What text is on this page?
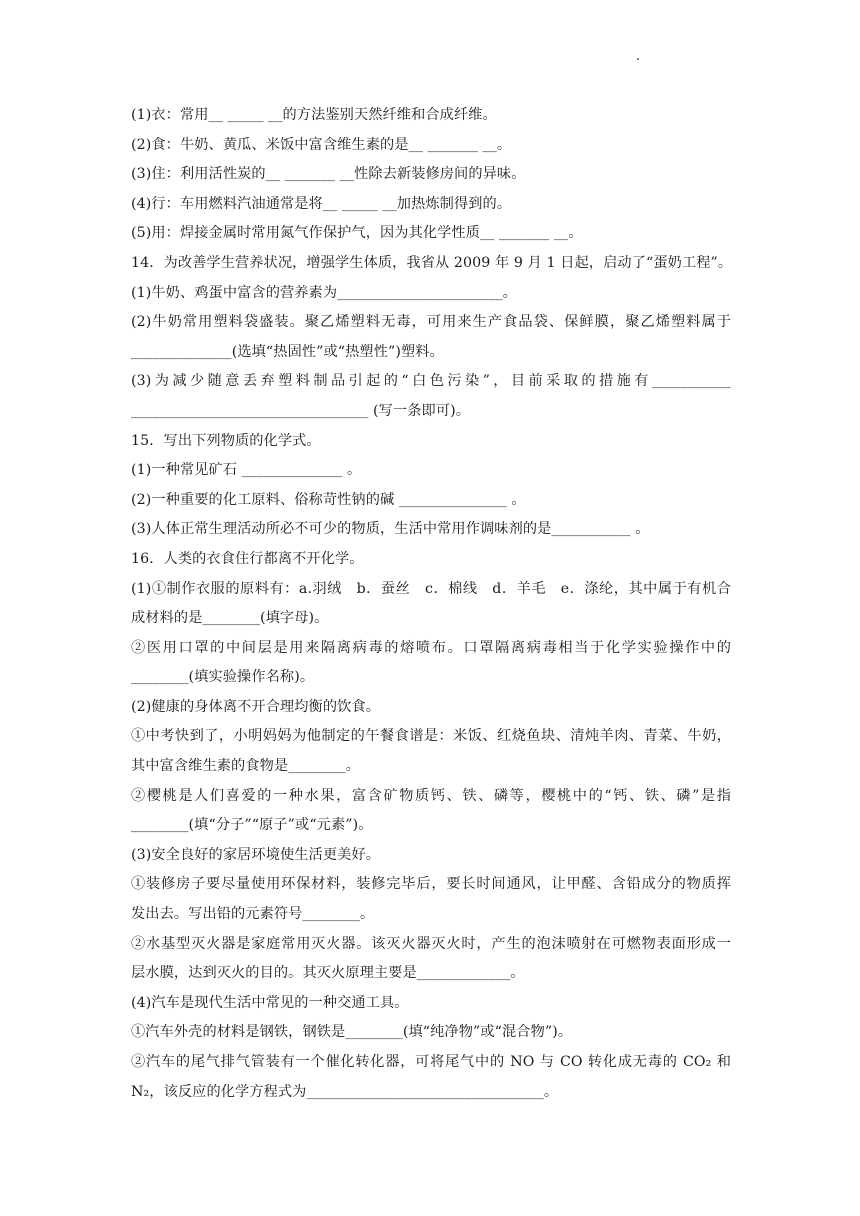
(1)衣：常用__ _____ __的方法鉴别天然纤维和合成纤维。
(2)食：牛奶、黄瓜、米饭中富含维生素的是__ _______ __。
(3)住：利用活性炭的__ _______ __性除去新装修房间的异味。
(4)行：车用燃料汽油通常是将__ _____ __加热炼制得到的。
(5)用：焊接金属时常用氮气作保护气，因为其化学性质__ _______ __。
14．为改善学生营养状况，增强学生体质，我省从 2009 年 9 月 1 日起，启动了“蛋奶工程”。
(1)牛奶、鸡蛋中富含的营养素为_______________________。
(2)牛奶常用塑料袋盛装。聚乙烯塑料无毒，可用来生产食品袋、保鲜膜，聚乙烯塑料属于
______________(选填“热固性”或“热塑性”)塑料。
(3)为减少随意丢弃塑料制品引起的“白色污染”，目前采取的措施有___________
_________________________________ (写一条即可)。
15．写出下列物质的化学式。
(1)一种常见矿石 ______________ 。
(2)一种重要的化工原料、俗称苛性钠的碱 _______________ 。
(3)人体正常生理活动所必不可少的物质，生活中常用作调味剂的是___________ 。
16．人类的衣食住行都离不开化学。
(1)①制作衣服的原料有：a.羽绒　b．蚕丝　c．棉线　d．羊毛　e．涤纶，其中属于有机合
成材料的是________(填字母)。
②医用口罩的中间层是用来隔离病毒的熔喷布。口罩隔离病毒相当于化学实验操作中的
________(填实验操作名称)。
(2)健康的身体离不开合理均衡的饮食。
①中考快到了，小明妈妈为他制定的午餐食谱是：米饭、红烧鱼块、清炖羊肉、青菜、牛奶，
其中富含维生素的食物是________。
②樱桃是人们喜爱的一种水果，富含矿物质钙、铁、磷等，樱桃中的“钙、铁、磷”是指
________(填“分子”“原子”或“元素”)。
(3)安全良好的家居环境使生活更美好。
①装修房子要尽量使用环保材料，装修完毕后，要长时间通风，让甲醛、含铅成分的物质挥
发出去。写出铅的元素符号________。
②水基型灭火器是家庭常用灭火器。该灭火器灭火时，产生的泡沫喷射在可燃物表面形成一
层水膜，达到灭火的目的。其灭火原理主要是_____________。
(4)汽车是现代生活中常见的一种交通工具。
①汽车外壳的材料是钢铁，钢铁是________(填“纯净物”或“混合物”)。
②汽车的尾气排气管装有一个催化转化器，可将尾气中的 NO 与 CO 转化成无毒的 CO₂ 和
N₂，该反应的化学方程式为_________________________________。
